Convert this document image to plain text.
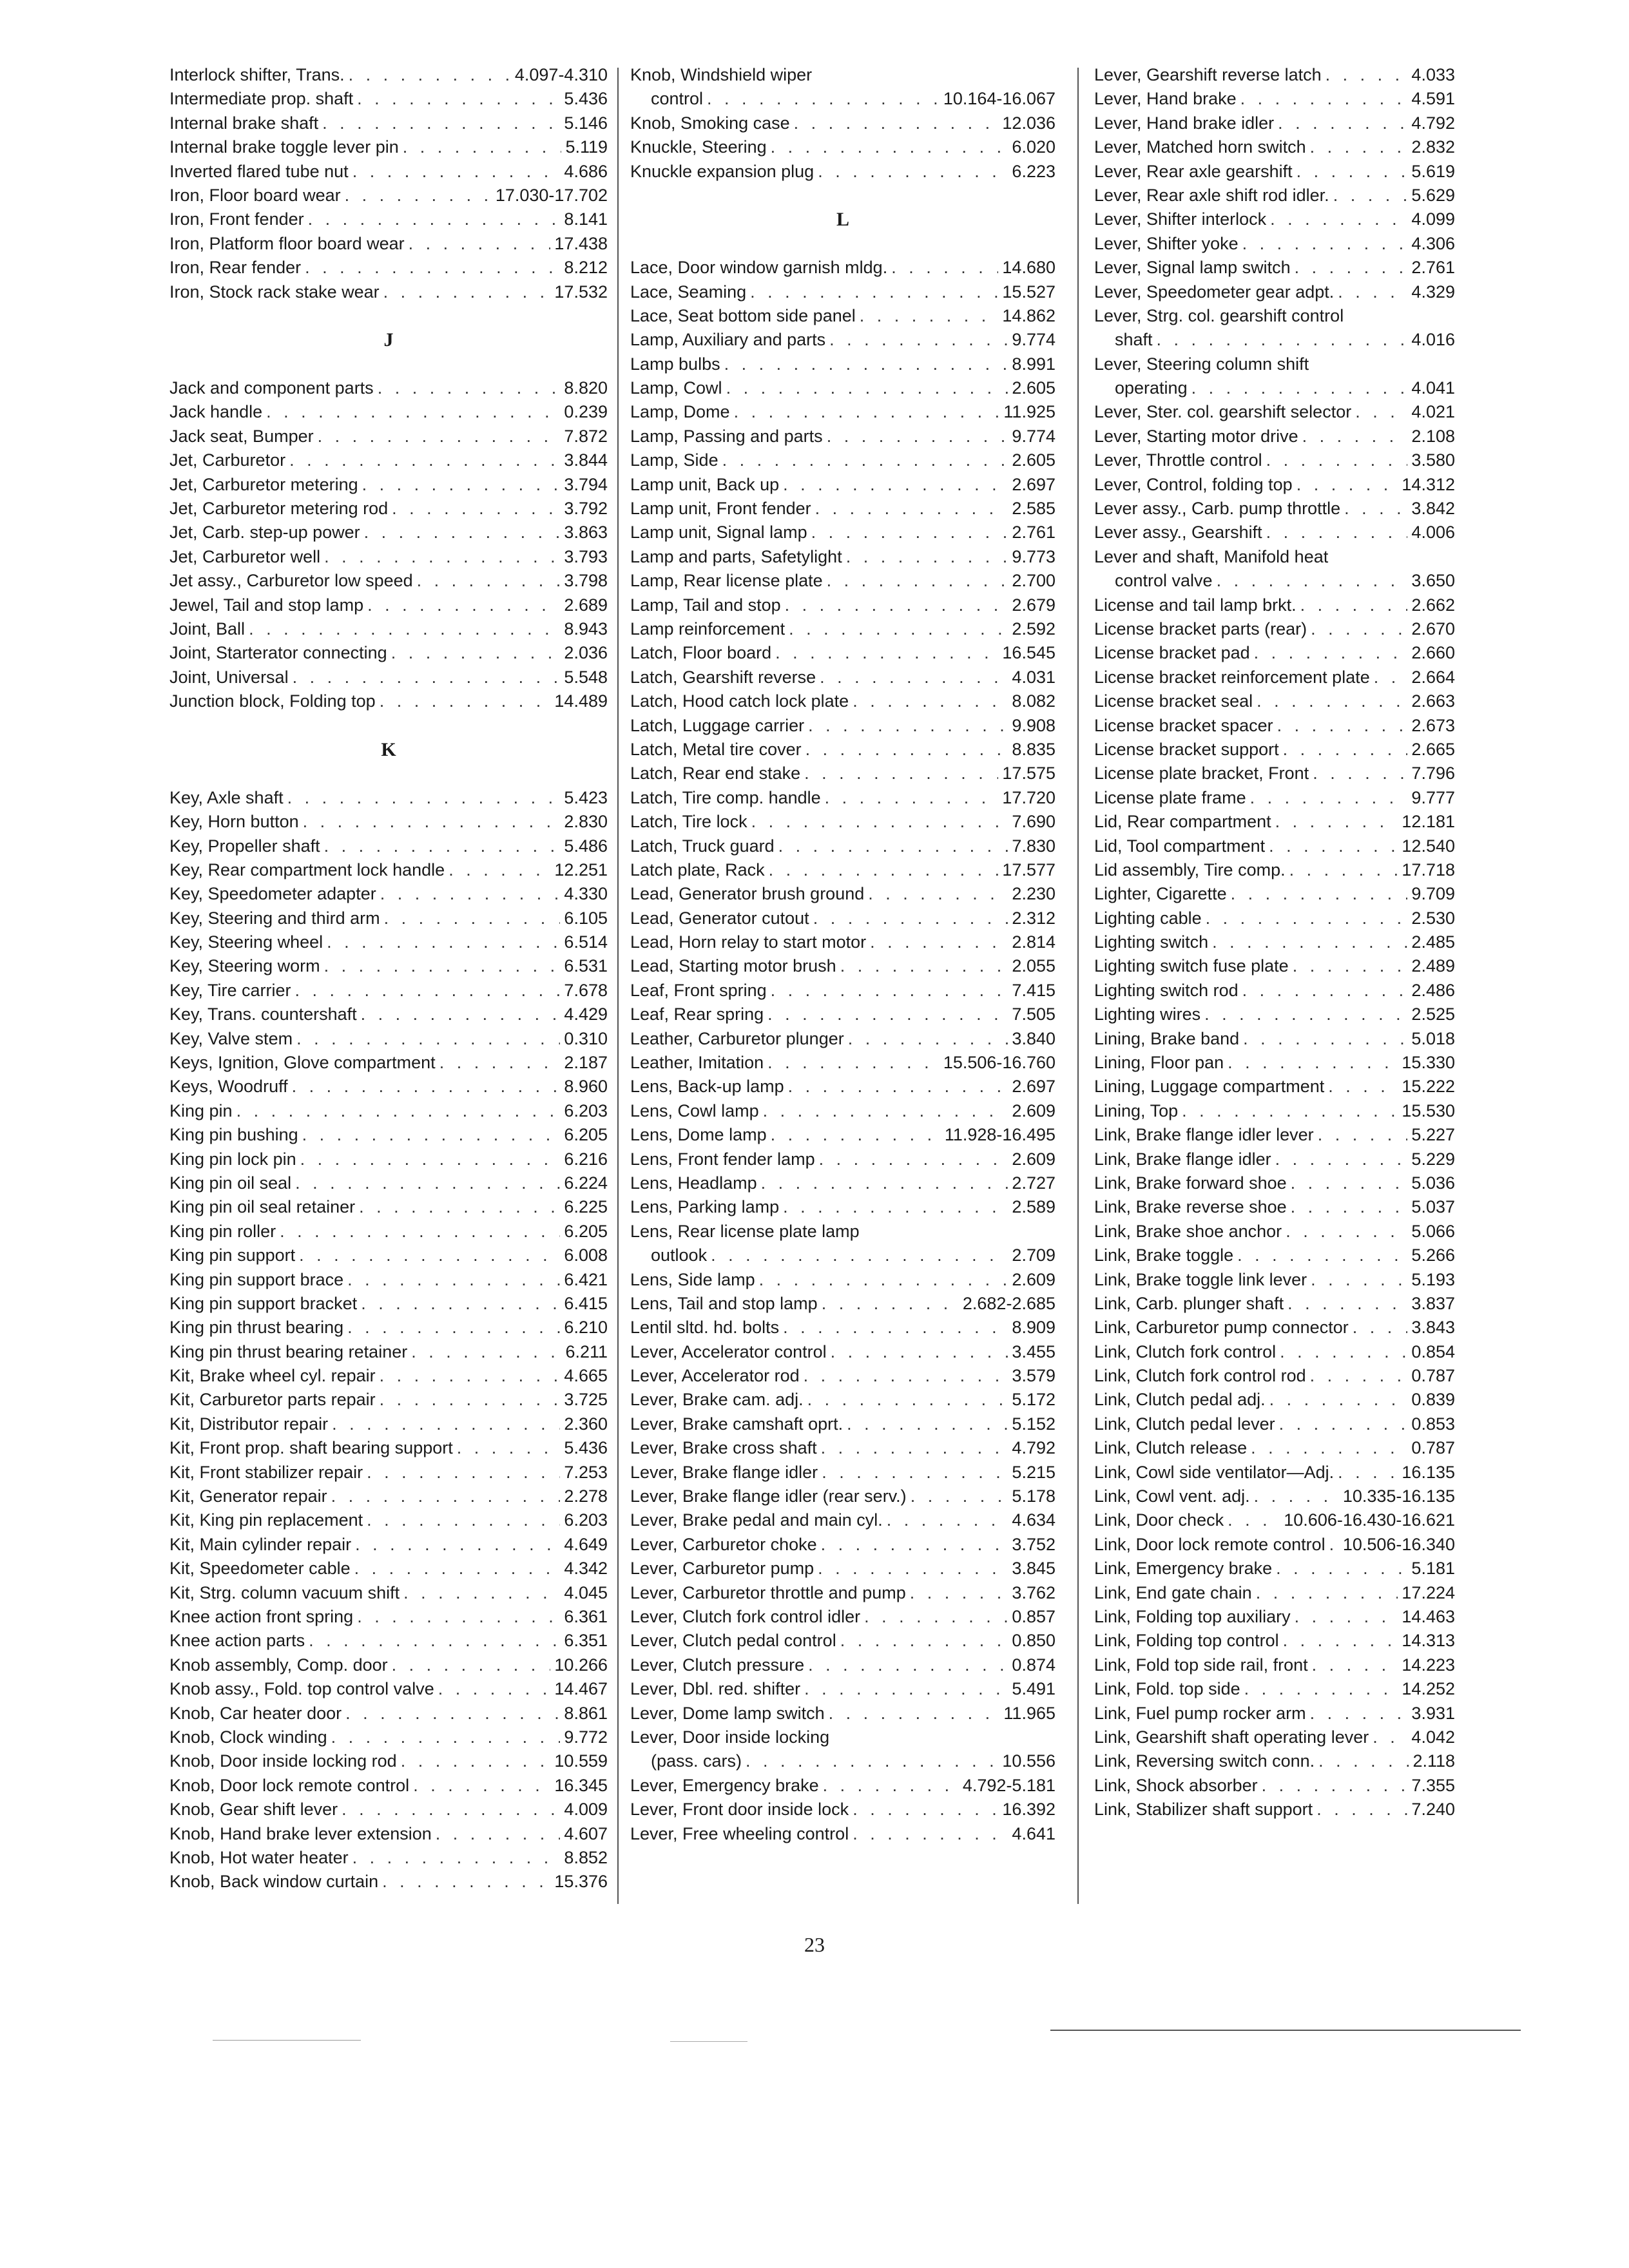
Interlock shifter, Trans. . . .	4.097-4.310
Intermediate prop. shaft . . .	5.436
Internal brake shaft . . .	5.146
Internal brake toggle lever pin . . .	5.119
Inverted flared tube nut . . .	4.686
Iron, Floor board wear . . .	17.030-17.702
Iron, Front fender . . .	8.141
Iron, Platform floor board wear . . .	17.438
Iron, Rear fender . . .	8.212
Iron, Stock rack stake wear . . .	17.532
J
Jack and component parts . . .	8.820
Jack handle . . .	0.239
Jack seat, Bumper . . .	7.872
Jet, Carburetor . . .	3.844
Jet, Carburetor metering . . .	3.794
Jet, Carburetor metering rod . . .	3.792
Jet, Carb. step-up power . . .	3.863
Jet, Carburetor well . . .	3.793
Jet assy., Carburetor low speed . . .	3.798
Jewel, Tail and stop lamp . . .	2.689
Joint, Ball . . .	8.943
Joint, Starterator connecting . . .	2.036
Joint, Universal . . .	5.548
Junction block, Folding top . . .	14.489
K
Key, Axle shaft . . .	5.423
Key, Horn button . . .	2.830
Key, Propeller shaft . . .	5.486
Key, Rear compartment lock handle . . .	12.251
Key, Speedometer adapter . . .	4.330
Key, Steering and third arm . . .	6.105
Key, Steering wheel . . .	6.514
Key, Steering worm . . .	6.531
Key, Tire carrier . . .	7.678
Key, Trans. countershaft . . .	4.429
Key, Valve stem . . .	0.310
Keys, Ignition, Glove compartment . . .	2.187
Keys, Woodruff . . .	8.960
King pin . . .	6.203
King pin bushing . . .	6.205
King pin lock pin . . .	6.216
King pin oil seal . . .	6.224
King pin oil seal retainer . . .	6.225
King pin roller . . .	6.205
King pin support . . .	6.008
King pin support brace . . .	6.421
King pin support bracket . . .	6.415
King pin thrust bearing . . .	6.210
King pin thrust bearing retainer . . .	6.211
Kit, Brake wheel cyl. repair . . .	4.665
Kit, Carburetor parts repair . . .	3.725
Kit, Distributor repair . . .	2.360
Kit, Front prop. shaft bearing support . . .	5.436
Kit, Front stabilizer repair . . .	7.253
Kit, Generator repair . . .	2.278
Kit, King pin replacement . . .	6.203
Kit, Main cylinder repair . . .	4.649
Kit, Speedometer cable . . .	4.342
Kit, Strg. column vacuum shift . . .	4.045
Knee action front spring . . .	6.361
Knee action parts . . .	6.351
Knob assembly, Comp. door . . .	10.266
Knob assy., Fold. top control valve . . .	14.467
Knob, Car heater door . . .	8.861
Knob, Clock winding . . .	9.772
Knob, Door inside locking rod . . .	10.559
Knob, Door lock remote control . . .	16.345
Knob, Gear shift lever . . .	4.009
Knob, Hand brake lever extension . . .	4.607
Knob, Hot water heater . . .	8.852
Knob, Back window curtain . . .	15.376
Knob, Windshield wiper
control . . .	10.164-16.067
Knob, Smoking case . . .	12.036
Knuckle, Steering . . .	6.020
Knuckle expansion plug . . .	6.223
L
Lace, Door window garnish mldg. . . .	14.680
Lace, Seaming . . .	15.527
Lace, Seat bottom side panel . . .	14.862
Lamp, Auxiliary and parts . . .	9.774
Lamp bulbs . . .	8.991
Lamp, Cowl . . .	2.605
Lamp, Dome . . .	11.925
Lamp, Passing and parts . . .	9.774
Lamp, Side . . .	2.605
Lamp unit, Back up . . .	2.697
Lamp unit, Front fender . . .	2.585
Lamp unit, Signal lamp . . .	2.761
Lamp and parts, Safetylight . . .	9.773
Lamp, Rear license plate . . .	2.700
Lamp, Tail and stop . . .	2.679
Lamp reinforcement . . .	2.592
Latch, Floor board . . .	16.545
Latch, Gearshift reverse . . .	4.031
Latch, Hood catch lock plate . . .	8.082
Latch, Luggage carrier . . .	9.908
Latch, Metal tire cover . . .	8.835
Latch, Rear end stake . . .	17.575
Latch, Tire comp. handle . . .	17.720
Latch, Tire lock . . .	7.690
Latch, Truck guard . . .	7.830
Latch plate, Rack . . .	17.577
Lead, Generator brush ground . . .	2.230
Lead, Generator cutout . . .	2.312
Lead, Horn relay to start motor . . .	2.814
Lead, Starting motor brush . . .	2.055
Leaf, Front spring . . .	7.415
Leaf, Rear spring . . .	7.505
Leather, Carburetor plunger . . .	3.840
Leather, Imitation . . .	15.506-16.760
Lens, Back-up lamp . . .	2.697
Lens, Cowl lamp . . .	2.609
Lens, Dome lamp . . .	11.928-16.495
Lens, Front fender lamp . . .	2.609
Lens, Headlamp . . .	2.727
Lens, Parking lamp . . .	2.589
Lens, Rear license plate lamp
outlook . . .	2.709
Lens, Side lamp . . .	2.609
Lens, Tail and stop lamp . . .	2.682-2.685
Lentil sltd. hd. bolts . . .	8.909
Lever, Accelerator control . . .	3.455
Lever, Accelerator rod . . .	3.579
Lever, Brake cam. adj. . . .	5.172
Lever, Brake camshaft oprt. . . .	5.152
Lever, Brake cross shaft . . .	4.792
Lever, Brake flange idler . . .	5.215
Lever, Brake flange idler (rear serv.) . . .	5.178
Lever, Brake pedal and main cyl. . . .	4.634
Lever, Carburetor choke . . .	3.752
Lever, Carburetor pump . . .	3.845
Lever, Carburetor throttle and pump . . .	3.762
Lever, Clutch fork control idler . . .	0.857
Lever, Clutch pedal control . . .	0.850
Lever, Clutch pressure . . .	0.874
Lever, Dbl. red. shifter . . .	5.491
Lever, Dome lamp switch . . .	11.965
Lever, Door inside locking
(pass. cars) . . .	10.556
Lever, Emergency brake . . .	4.792-5.181
Lever, Front door inside lock . . .	16.392
Lever, Free wheeling control . . .	4.641
Lever, Gearshift reverse latch . . .	4.033
Lever, Hand brake . . .	4.591
Lever, Hand brake idler . . .	4.792
Lever, Matched horn switch . . .	2.832
Lever, Rear axle gearshift . . .	5.619
Lever, Rear axle shift rod idler. . . .	5.629
Lever, Shifter interlock . . .	4.099
Lever, Shifter yoke . . .	4.306
Lever, Signal lamp switch . . .	2.761
Lever, Speedometer gear adpt. . . .	4.329
Lever, Strg. col. gearshift control
shaft . . .	4.016
Lever, Steering column shift
operating . . .	4.041
Lever, Ster. col. gearshift selector . . .	4.021
Lever, Starting motor drive . . .	2.108
Lever, Throttle control . . .	3.580
Lever, Control, folding top . . .	14.312
Lever assy., Carb. pump throttle . . .	3.842
Lever assy., Gearshift . . .	4.006
Lever and shaft, Manifold heat
control valve . . .	3.650
License and tail lamp brkt. . . .	2.662
License bracket parts (rear) . . .	2.670
License bracket pad . . .	2.660
License bracket reinforcement plate . . . 2.664
License bracket seal . . .	2.663
License bracket spacer . . .	2.673
License bracket support . . .	2.665
License plate bracket, Front . . .	7.796
License plate frame . . .	9.777
Lid, Rear compartment . . .	12.181
Lid, Tool compartment . . .	12.540
Lid assembly, Tire comp. . . .	17.718
Lighter, Cigarette . . .	9.709
Lighting cable . . .	2.530
Lighting switch . . .	2.485
Lighting switch fuse plate . . .	2.489
Lighting switch rod . . .	2.486
Lighting wires . . .	2.525
Lining, Brake band . . .	5.018
Lining, Floor pan . . .	15.330
Lining, Luggage compartment . . .	15.222
Lining, Top . . .	15.530
Link, Brake flange idler lever . . .	5.227
Link, Brake flange idler . . .	5.229
Link, Brake forward shoe . . .	5.036
Link, Brake reverse shoe . . .	5.037
Link, Brake shoe anchor . . .	5.066
Link, Brake toggle . . .	5.266
Link, Brake toggle link lever . . .	5.193
Link, Carb. plunger shaft . . .	3.837
Link, Carburetor pump connector . . .	3.843
Link, Clutch fork control . . .	0.854
Link, Clutch fork control rod . . .	0.787
Link, Clutch pedal adj. . . .	0.839
Link, Clutch pedal lever . . .	0.853
Link, Clutch release . . .	0.787
Link, Cowl side ventilator—Adj. . . .	16.135
Link, Cowl vent. adj. . . .	10.335-16.135
Link, Door check . . .	10.606-16.430-16.621
Link, Door lock remote control . . . 10.506-16.340
Link, Emergency brake . . .	5.181
Link, End gate chain . . .	17.224
Link, Folding top auxiliary . . .	14.463
Link, Folding top control . . .	14.313
Link, Fold top side rail, front . . .	14.223
Link, Fold. top side . . .	14.252
Link, Fuel pump rocker arm . . .	3.931
Link, Gearshift shaft operating lever . . . 4.042
Link, Reversing switch conn. . . .	2.118
Link, Shock absorber . . .	7.355
Link, Stabilizer shaft support . . .	7.240
23
